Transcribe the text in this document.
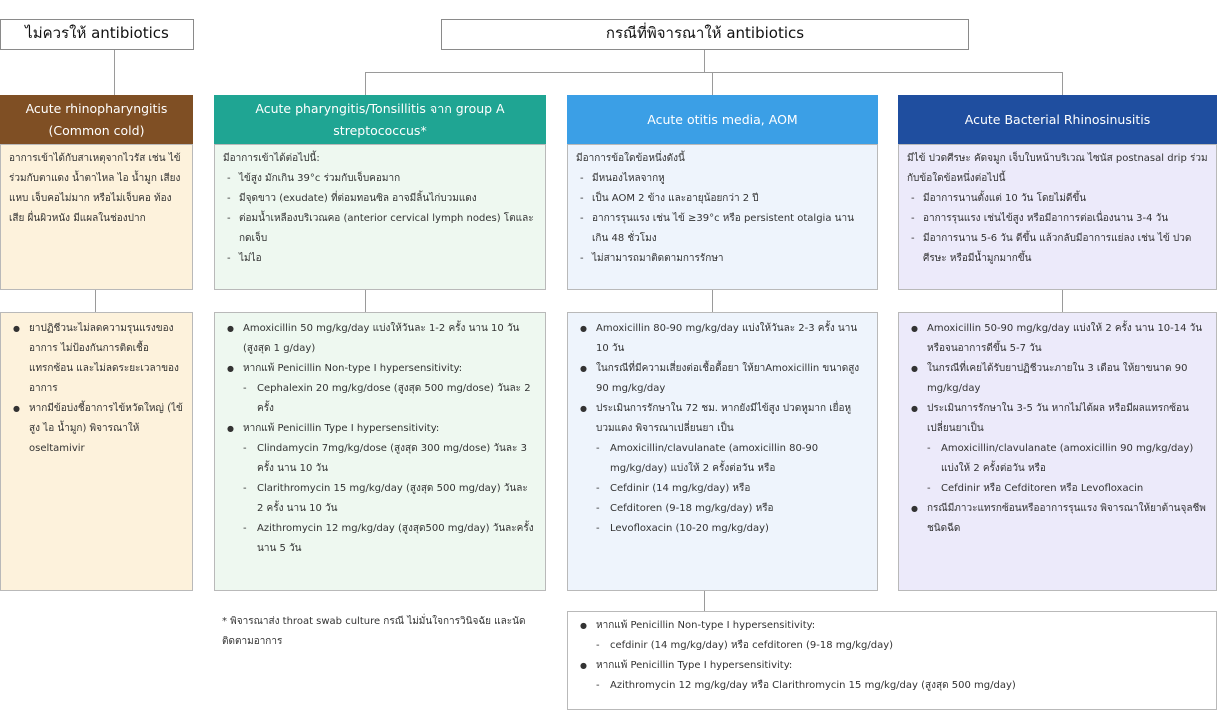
ไม่ควรให้ antibiotics	กรณีที่พิจารณาให้ antibiotics
Acute rhinopharyngitis
(Common cold)

อาการเข้าได้กับสาเหตุจากไวรัส เช่น ไข้ร่วมกับตาแดง น้ำตาไหล ไอ น้ำมูก เสียงแหบ เจ็บคอไม่มาก หรือไม่เจ็บคอ ท้องเสีย ผื่นผิวหนัง มีแผลในช่องปาก

● ยาปฏิชีวนะไม่ลดความรุนแรงของอาการ ไม่ป้องกันการติดเชื้อแทรกซ้อน และไม่ลดระยะเวลาของอาการ
● หากมีข้อบ่งชี้อาการไข้หวัดใหญ่ (ไข้สูง ไอ น้ำมูก) พิจารณาให้ oseltamivir
Acute pharyngitis/Tonsillitis จาก group A
streptococcus*

มีอาการเข้าได้ต่อไปนี้:

- ไข้สูง มักเกิน 39°c ร่วมกับเจ็บคอมาก
- มีจุดขาว (exudate) ที่ต่อมทอนซิล อาจมีลิ้นไก่บวมแดง
- ต่อมน้ำเหลืองบริเวณคอ (anterior cervical lymph nodes) โตและกดเจ็บ
- ไม่ไอ
● Amoxicillin 50 mg/kg/day แบ่งให้วันละ 1-2 ครั้ง นาน 10 วัน (สูงสุด 1 g/day)
● หากแพ้ Penicillin Non-type I hypersensitivity:
- Cephalexin 20 mg/kg/dose (สูงสุด 500 mg/dose) วันละ 2 ครั้ง
● หากแพ้ Penicillin Type I hypersensitivity:
- Clindamycin 7mg/kg/dose (สูงสุด 300 mg/dose) วันละ 3 ครั้ง นาน 10 วัน
- Clarithromycin 15 mg/kg/day (สูงสุด 500 mg/day) วันละ 2 ครั้ง นาน 10 วัน
- Azithromycin 12 mg/kg/day (สูงสุด500 mg/day) วันละครั้ง นาน 5 วัน
* พิจารณาส่ง throat swab culture กรณี ไม่มั่นใจการวินิจฉัย และนัดติดตามอาการ
Acute otitis media, AOM

มีอาการข้อใดข้อหนึ่งดังนี้

- มีหนองไหลจากหู
- เป็น AOM 2 ข้าง และอายุน้อยกว่า 2 ปี
- อาการรุนแรง เช่น ไข้ ≥39°c หรือ persistent otalgia นานเกิน 48 ชั่วโมง
- ไม่สามารถมาติดตามการรักษา
● Amoxicillin 80-90 mg/kg/day แบ่งให้วันละ 2-3 ครั้ง นาน 10 วัน
● ในกรณีที่มีความเสี่ยงต่อเชื้อดื้อยา ให้ยาAmoxicillin ขนาดสูง 90 mg/kg/day
● ประเมินการรักษาใน 72 ชม. หากยังมีไข้สูง ปวดหูมาก เยื่อหูบวมแดง พิจารณาเปลี่ยนยา เป็น
- Amoxicillin/clavulanate (amoxicillin 80-90 mg/kg/day) แบ่งให้ 2 ครั้งต่อวัน หรือ
- Cefdinir (14 mg/kg/day) หรือ
- Cefditoren (9-18 mg/kg/day) หรือ
- Levofloxacin (10-20 mg/kg/day)
● หากแพ้ Penicillin Non-type I hypersensitivity:
- cefdinir (14 mg/kg/day) หรือ cefditoren (9-18 mg/kg/day)
● หากแพ้ Penicillin Type I hypersensitivity:
- Azithromycin 12 mg/kg/day หรือ Clarithromycin 15 mg/kg/day (สูงสุด 500 mg/day)
Acute Bacterial Rhinosinusitis

มีไข้ ปวดศีรษะ คัดจมูก เจ็บใบหน้าบริเวณ ไซนัส postnasal drip ร่วมกับข้อใดข้อหนึ่งต่อไปนี้

- มีอาการนานตั้งแต่ 10 วัน โดยไม่ดีขึ้น
- อาการรุนแรง เช่นไข้สูง หรือมีอาการต่อเนื่องนาน 3-4 วัน
- มีอาการนาน 5-6 วัน ดีขึ้น แล้วกลับมีอาการแย่ลง เช่น ไข้ ปวดศีรษะ หรือมีน้ำมูกมากขึ้น
● Amoxicillin 50-90 mg/kg/day แบ่งให้ 2 ครั้ง นาน 10-14 วัน หรือจนอาการดีขึ้น 5-7 วัน
● ในกรณีที่เคยได้รับยาปฏิชีวนะภายใน 3 เดือน ให้ยาขนาด 90 mg/kg/day
● ประเมินการรักษาใน 3-5 วัน หากไม่ได้ผล หรือมีผลแทรกซ้อน เปลี่ยนยาเป็น
- Amoxicillin/clavulanate (amoxicillin 90 mg/kg/day) แบ่งให้ 2 ครั้งต่อวัน หรือ
- Cefdinir หรือ Cefditoren หรือ Levofloxacin
● กรณีมีภาวะแทรกซ้อนหรืออาการรุนแรง พิจารณาให้ยาต้านจุลชีพชนิดฉีด
